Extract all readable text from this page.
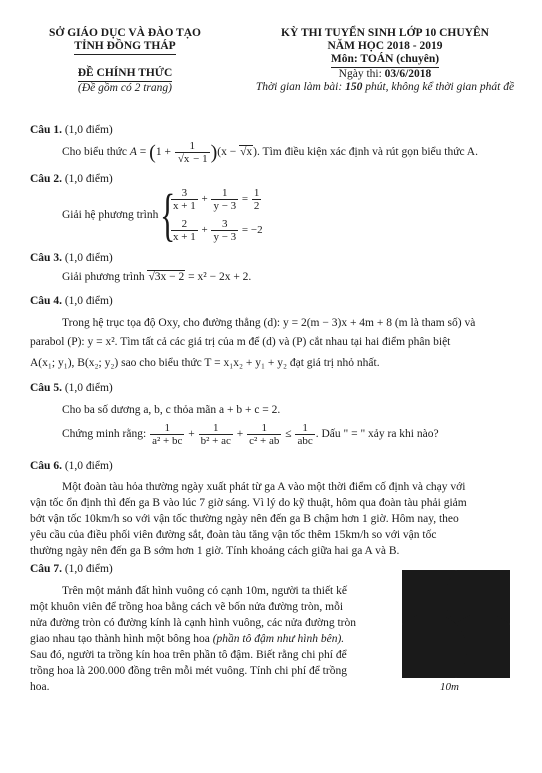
SỞ GIÁO DỤC VÀ ĐÀO TẠO

TỈNH ĐỒNG THÁP

ĐỀ CHÍNH THỨC

(Đề gồm có 2 trang)

KỲ THI TUYỂN SINH LỚP 10 CHUYÊN

NĂM HỌC 2018 - 2019

Môn: TOÁN (chuyên)

Ngày thi: 03/6/2018

Thời gian làm bài: 150 phút, không kể thời gian phát đề

Câu 1. (1,0 điểm)
Cho biểu thức $A = (1 + \frac{1}{√x - 1} )(x - √x)$. Tìm điều kiện xác định và rút gọn biểu thức A.
Câu 2. (1,0 điểm)
Giải hệ phương trình {
$\frac{3}{x + 1} + \frac{1}{y - 3} = \frac{1}{2}$
$\frac{2}{x + 1} + \frac{3}{y - 3} = -2$
Câu 3. (1,0 điểm)
Giải phương trình √3x − 2 = x² − 2x + 2.
Câu 4. (1,0 điểm)
Trong hệ trục tọa độ Oxy, cho đường thẳng (d): y = 2(m − 3)x + 4m + 8 (m là tham số) và
parabol (P): y = x². Tìm tất cả các giá trị của m để (d) và (P) cắt nhau tại hai điểm phân biệt
A(x₁; y₁), B(x₂; y₂) sao cho biểu thức T = x₁x₂ + y₁ + y₂ đạt giá trị nhỏ nhất.
Câu 5. (1,0 điểm)
Cho ba số dương a, b, c thỏa mãn a + b + c = 2.
Chứng minh rằng: $\frac{1}{\text{a² + bc}} + \frac{1}{\text{b² + ac}} + \frac{1}{\text{c² + ab}} \le \frac{1}{\text{abc}}$ . Dấu " = " xảy ra khi nào?
Câu 6. (1,0 điểm)
Một đoàn tàu hỏa thường ngày xuất phát từ ga A vào một thời điểm cố định và chạy với
vận tốc ổn định thì đến ga B vào lúc 7 giờ sáng. Vì lý do kỹ thuật, hôm qua đoàn tàu phải giảm
bớt vận tốc 10km/h so với vận tốc thường ngày nên đến ga B chậm hơn 1 giờ. Hôm nay, theo
yêu cầu của điều phối viên đường sắt, đoàn tàu tăng vận tốc thêm 15km/h so với vận tốc
thường ngày nên đến ga B sớm hơn 1 giờ. Tính khoảng cách giữa hai ga A và B.
Câu 7. (1,0 điểm)
Trên một mảnh đất hình vuông có cạnh 10m, người ta thiết kế
một khuôn viên để trồng hoa bằng cách vẽ bốn nửa đường tròn, mỗi
nửa đường tròn có đường kính là cạnh hình vuông, các nửa đường tròn
giao nhau tạo thành hình một bông hoa (phần tô đậm như hình bên).
Sau đó, người ta trồng kín hoa trên phần tô đậm. Biết rằng chi phí để
trồng hoa là 200.000 đồng trên mỗi mét vuông. Tính chi phí để trồng
hoa.	10m
